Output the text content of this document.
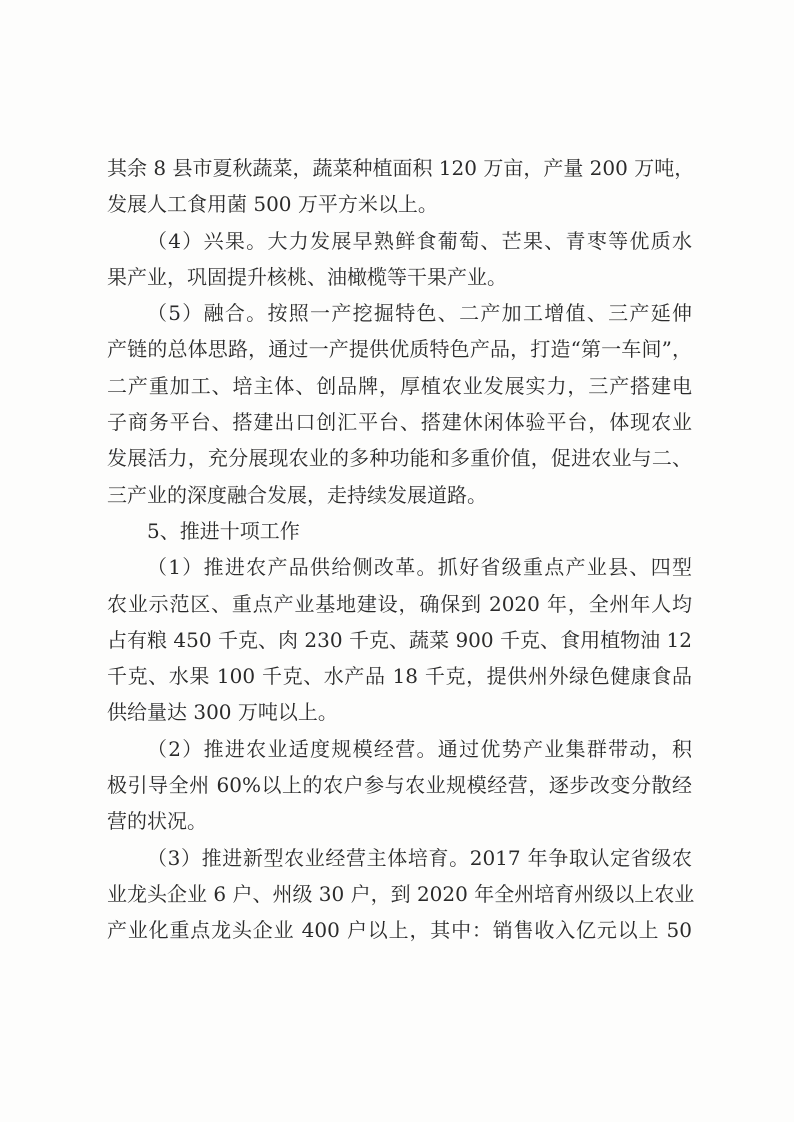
其余 8 县市夏秋蔬菜，蔬菜种植面积 120 万亩，产量 200 万吨，
发展人工食用菌 500 万平方米以上。
（4）兴果。大力发展早熟鲜食葡萄、芒果、青枣等优质水
果产业，巩固提升核桃、油橄榄等干果产业。
（5）融合。按照一产挖掘特色、二产加工增值、三产延伸
产链的总体思路，通过一产提供优质特色产品，打造“第一车间”，
二产重加工、培主体、创品牌，厚植农业发展实力，三产搭建电
子商务平台、搭建出口创汇平台、搭建休闲体验平台，体现农业
发展活力，充分展现农业的多种功能和多重价值，促进农业与二、
三产业的深度融合发展，走持续发展道路。
5、推进十项工作
（1）推进农产品供给侧改革。抓好省级重点产业县、四型
农业示范区、重点产业基地建设，确保到 2020 年，全州年人均
占有粮 450 千克、肉 230 千克、蔬菜 900 千克、食用植物油 12
千克、水果 100 千克、水产品 18 千克，提供州外绿色健康食品
供给量达 300 万吨以上。
（2）推进农业适度规模经营。通过优势产业集群带动，积
极引导全州 60%以上的农户参与农业规模经营，逐步改变分散经
营的状况。
（3）推进新型农业经营主体培育。2017 年争取认定省级农
业龙头企业 6 户、州级 30 户，到 2020 年全州培育州级以上农业
产业化重点龙头企业 400 户以上，其中：销售收入亿元以上 50
